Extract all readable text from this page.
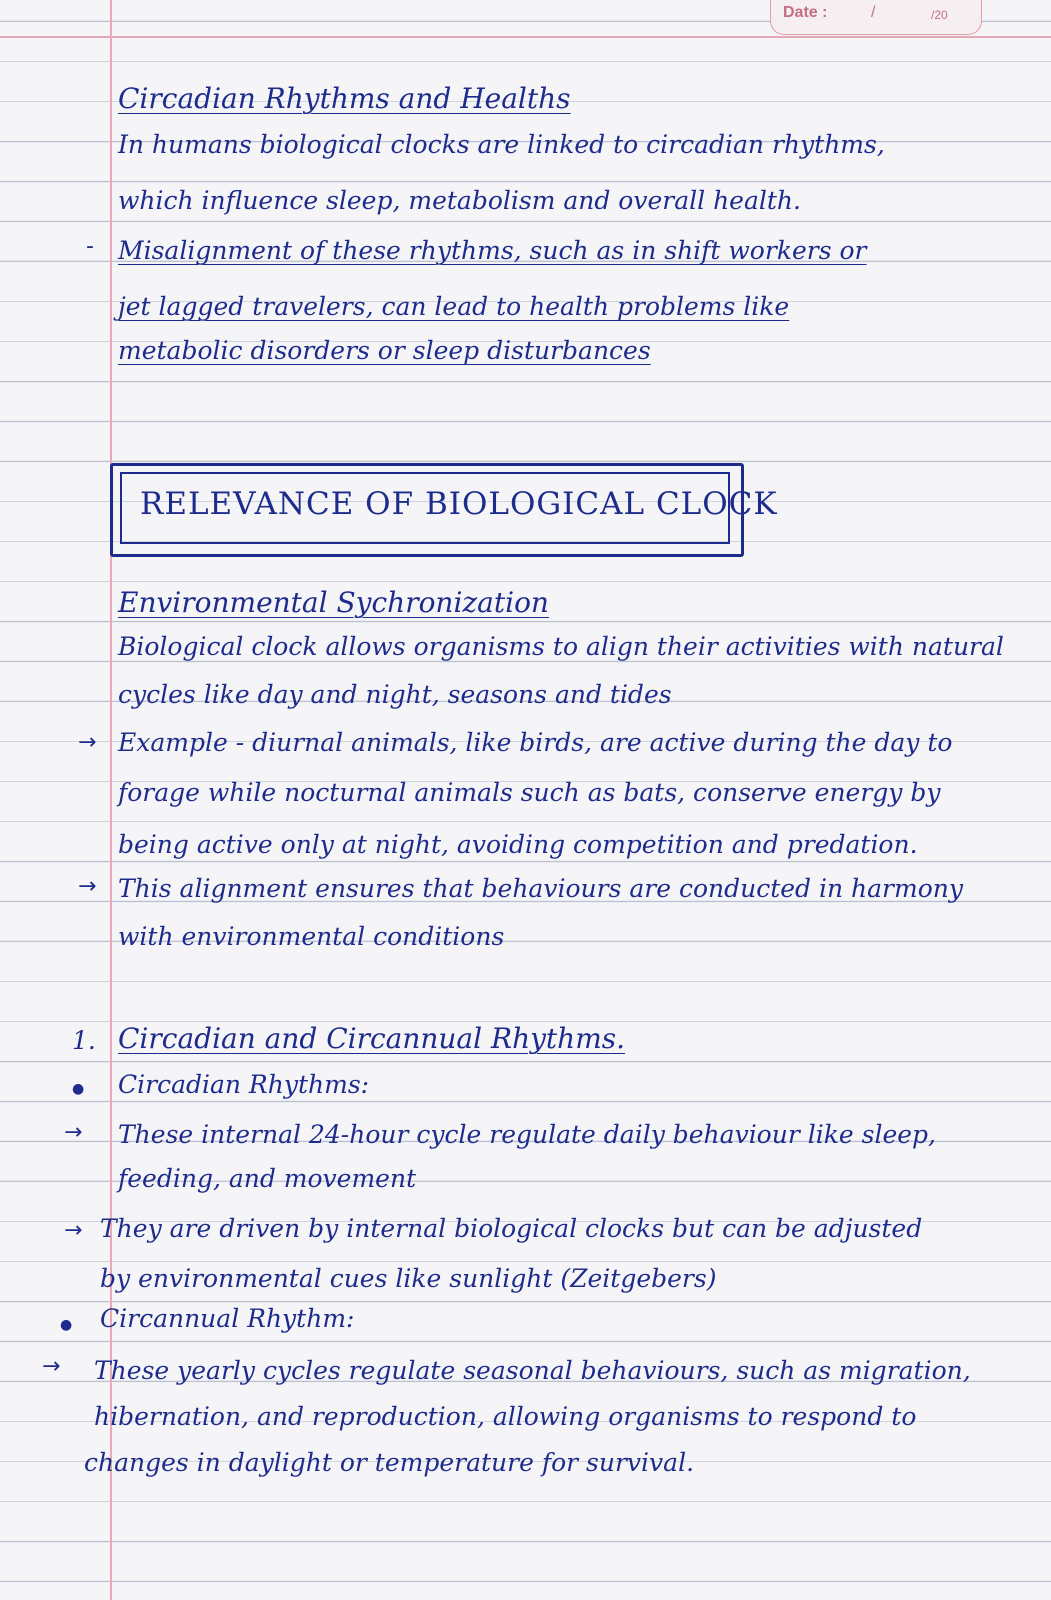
Date :	/	/20
Circadian Rhythms and Healths
In humans biological clocks are linked to circadian rhythms,
which influence sleep, metabolism and overall health.
- Misalignment of these rhythms, such as in shift workers or
jet lagged travelers, can lead to health problems like
metabolic disorders or sleep disturbances
RELEVANCE OF BIOLOGICAL CLOCK
Environmental Sychronization
Biological clock allows organisms to align their activities with natural
cycles like day and night, seasons and tides
→ Example - diurnal animals, like birds, are active during the day to
forage while nocturnal animals such as bats, conserve energy by
being active only at night, avoiding competition and predation.
→ This alignment ensures that behaviours are conducted in harmony
with environmental conditions
1. Circadian and Circannual Rhythms.
● Circadian Rhythms:
→ These internal 24-hour cycle regulate daily behaviour like sleep,
feeding, and movement
→ They are driven by internal biological clocks but can be adjusted
by environmental cues like sunlight (Zeitgebers)
● Circannual Rhythm:
→ These yearly cycles regulate seasonal behaviours, such as migration,
hibernation, and reproduction, allowing organisms to respond to
changes in daylight or temperature for survival.
